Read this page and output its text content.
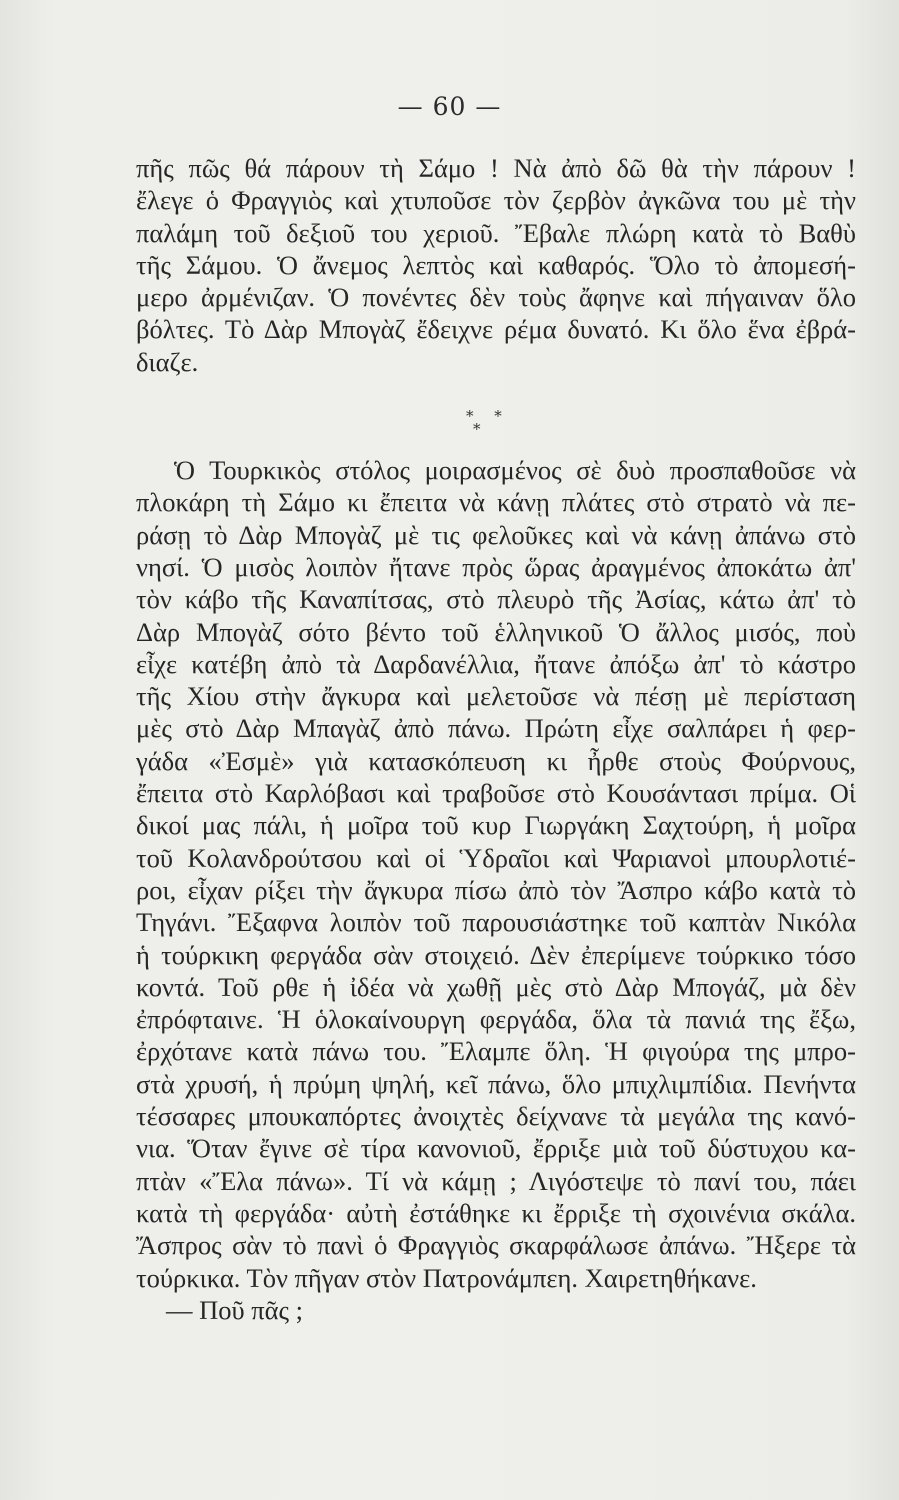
— 60 —
πῆς πῶς θά πάρουν τὴ Σάμο ! Νὰ ἀπὸ δῶ θὰ τὴν πάρουν !
ἔλεγε ὁ Φραγγιὸς καὶ χτυποῦσε τὸν ζερβὸν ἀγκῶνα του μὲ τὴν
παλάμη τοῦ δεξιοῦ του χεριοῦ. Ἔβαλε πλώρη κατὰ τὸ Βαθὺ
τῆς Σάμου. Ὁ ἄνεμος λεπτὸς καὶ καθαρός. Ὅλο τὸ ἀπομεσή-
μερο ἀρμένιζαν. Ὁ πονέντες δὲν τοὺς ἄφηνε καὶ πήγαιναν ὅλο
βόλτες. Τὸ Δὰρ Μπογὰζ ἔδειχνε ρέμα δυνατό. Κι ὅλο ἕνα ἐβρά-
διαζε.
* *
*
Ὁ Τουρκικὸς στόλος μοιρασμένος σὲ δυὸ προσπαθοῦσε νὰ
πλοκάρη τὴ Σάμο κι ἔπειτα νὰ κάνῃ πλάτες στὸ στρατὸ νὰ πε-
ράσῃ τὸ Δὰρ Μπογὰζ μὲ τις φελοῦκες καὶ νὰ κάνῃ ἀπάνω στὸ
νησί. Ὁ μισὸς λοιπὸν ἤτανε πρὸς ὥρας ἀραγμένος ἀποκάτω ἀπ'
τὸν κάβο τῆς Καναπίτσας, στὸ πλευρὸ τῆς Ἀσίας, κάτω ἀπ' τὸ
Δὰρ Μπογὰζ σότο βέντο τοῦ ἑλληνικοῦ Ὁ ἄλλος μισός, ποὺ
εἶχε κατέβη ἀπὸ τὰ Δαρδανέλλια, ἤτανε ἀπόξω ἀπ' τὸ κάστρο
τῆς Χίου στὴν ἄγκυρα καὶ μελετοῦσε νὰ πέσῃ μὲ περίσταση
μὲς στὸ Δὰρ Μπαγὰζ ἀπὸ πάνω. Πρώτη εἶχε σαλπάρει ἡ φερ-
γάδα «Ἐσμὲ» γιὰ κατασκόπευση κι ἦρθε στοὺς Φούρνους,
ἔπειτα στὸ Καρλόβασι καὶ τραβοῦσε στὸ Κουσάντασι πρίμα. Οἱ
δικοί μας πάλι, ἡ μοῖρα τοῦ κυρ Γιωργάκη Σαχτούρη, ἡ μοῖρα
τοῦ Κολανδρούτσου καὶ οἱ Ὑδραῖοι καὶ Ψαριανοὶ μπουρλοτιέ-
ροι, εἶχαν ρίξει τὴν ἄγκυρα πίσω ἀπὸ τὸν Ἄσπρο κάβο κατὰ τὸ
Τηγάνι. Ἔξαφνα λοιπὸν τοῦ παρουσιάστηκε τοῦ καπτὰν Νικόλα
ἡ τούρκικη φεργάδα σὰν στοιχειό. Δὲν ἐπερίμενε τούρκικο τόσο
κοντά. Τοῦ ρθε ἡ ἰδέα νὰ χωθῇ μὲς στὸ Δὰρ Μπογάζ, μὰ δὲν
ἐπρόφταινε. Ἡ ὁλοκαίνουργη φεργάδα, ὅλα τὰ πανιά της ἔξω,
ἐρχότανε κατὰ πάνω του. Ἔλαμπε ὅλη. Ἡ φιγούρα της μπρο-
στὰ χρυσή, ἡ πρύμη ψηλή, κεῖ πάνω, ὅλο μπιχλιμπίδια. Πενήντα
τέσσαρες μπουκαπόρτες ἀνοιχτὲς δείχνανε τὰ μεγάλα της κανό-
νια. Ὅταν ἔγινε σὲ τίρα κανονιοῦ, ἔρριξε μιὰ τοῦ δύστυχου κα-
πτὰν «Ἔλα πάνω». Τί νὰ κάμῃ ; Λιγόστεψε τὸ πανί του, πάει
κατὰ τὴ φεργάδα· αὐτὴ ἐστάθηκε κι ἔρριξε τὴ σχοινένια σκάλα.
Ἄσπρος σὰν τὸ πανὶ ὁ Φραγγιὸς σκαρφάλωσε ἀπάνω. Ἤξερε τὰ
τούρκικα. Τὸν πῆγαν στὸν Πατρονάμπεη. Χαιρετηθήκανε.
— Ποῦ πᾶς ;
